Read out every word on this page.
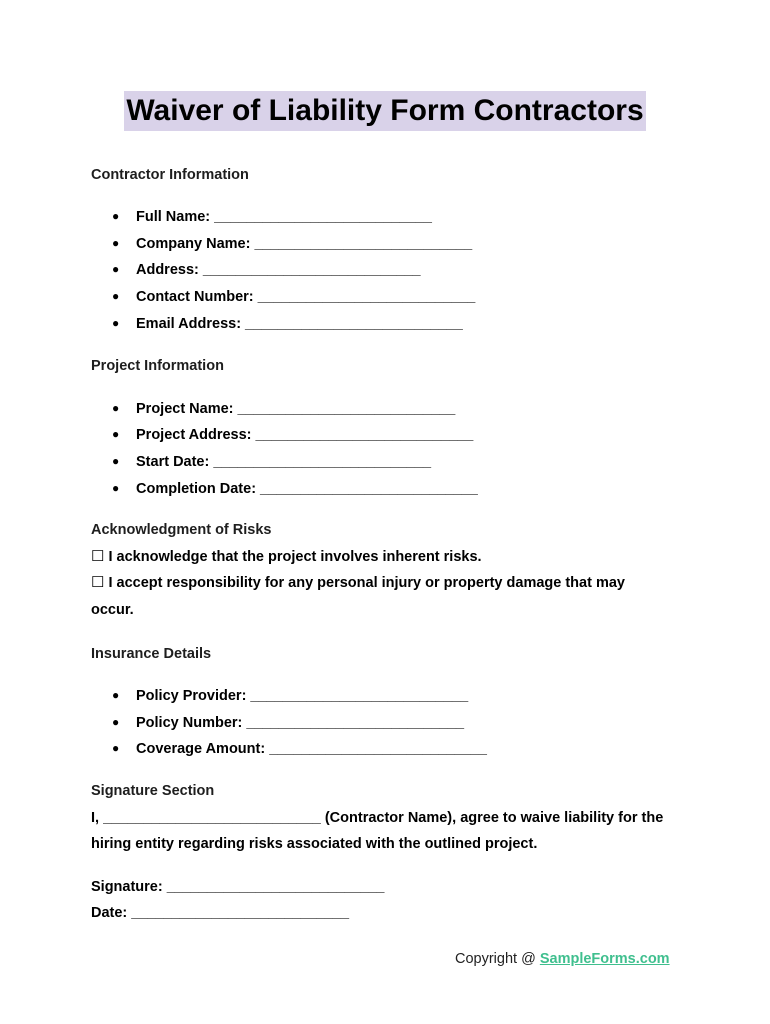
Waiver of Liability Form Contractors
Contractor Information
● Full Name: ___________________________
● Company Name: ___________________________
● Address: ___________________________
● Contact Number: ___________________________
● Email Address: ___________________________
Project Information
● Project Name: ___________________________
● Project Address: ___________________________
● Start Date: ___________________________
● Completion Date: ___________________________
Acknowledgment of Risks
☐ I acknowledge that the project involves inherent risks.
☐ I accept responsibility for any personal injury or property damage that may
occur.
Insurance Details
● Policy Provider: ___________________________
● Policy Number: ___________________________
● Coverage Amount: ___________________________
Signature Section
I, ___________________________ (Contractor Name), agree to waive liability for the
hiring entity regarding risks associated with the outlined project.
Signature: ___________________________
Date: ___________________________
Copyright @ SampleForms.com
